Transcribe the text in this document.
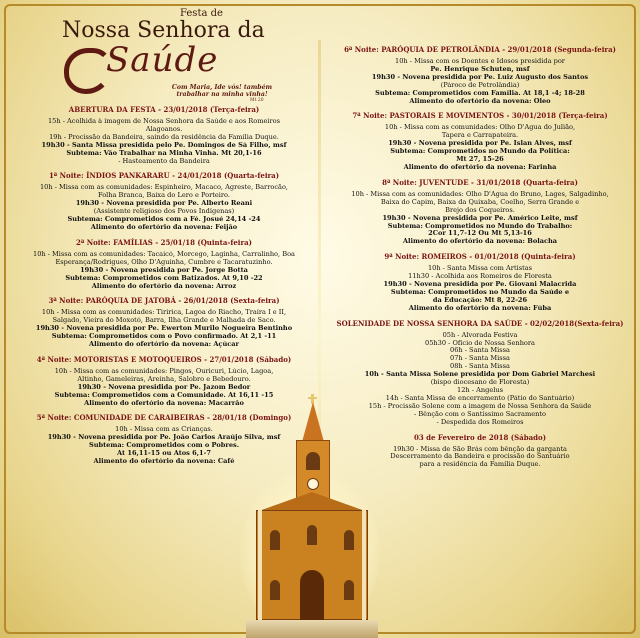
Festa de
Nossa Senhora da
Saúde
Com Maria, Ide vós! também
trabalhar na minha vinha!
Mt 20
ABERTURA DA FESTA - 23/01/2018 (Terça-feira)
15h - Acolhida à imagem de Nossa Senhora da Saúde e aos Romeiros
Alagoanos.
19h - Procissão da Bandeira, saindo da residência da Família Duque.
19h30 - Santa Missa presidida pelo Pe. Domingos de Sá Filho, msf
Subtema: Vão Trabalhar na Minha Vinha. Mt 20,1-16
- Hasteamento da Bandeira
1ª Noite: ÍNDIOS PANKARARU - 24/01/2018 (Quarta-feira)
10h - Missa com as comunidades: Espinheiro, Macaco, Agreste, Barrocão,
Folha Branca, Baixa do Lero e Porteiro.
19h30 - Novena presidida por Pe. Alberto Reani
(Assistente religioso dos Povos Indígenas)
Subtema: Comprometidos com a Fé. Josué 24,14 -24
Alimento do ofertório da novena: Feijão
2ª Noite: FAMÍLIAS - 25/01/18 (Quinta-feira)
10h - Missa com as comunidades: Tacaicó, Morcego, Laginha, Carralinho, Boa
Esperança/Rodrigues, Olho D'Aguinha, Cumbre e Tacaratuzinho.
19h30 - Novena presidida por Pe. Jorge Botta
Subtema: Comprometidos com Batizados. At 9,10 -22
Alimento do ofertório da novena: Arroz
3ª Noite: PARÓQUIA DE JATOBÁ - 26/01/2018 (Sexta-feira)
10h - Missa com as comunidades: Tiririca, Lagoa do Riacho, Traíra I e II,
Salgado, Vieira do Moxotó, Barra, Ilha Grande e Malhada de Saco.
19h30 - Novena presidida por Pe. Ewerton Murilo Nogueira Bentinho
Subtema: Comprometidos com o Povo confirmado. At 2,1 -11
Alimento do ofertório da novena: Açúcar
4ª Noite: MOTORISTAS E MOTOQUEIROS - 27/01/2018 (Sábado)
10h - Missa com as comunidades: Pingos, Ouricuri, Lúcio, Lagoa,
Altinho, Gameleiras, Areinha, Salobro e Bebedouro.
19h30 - Novena presidida por Pe. Jazom Bedor
Subtema: Comprometidos com a Comunidade. At 16,11 -15
Alimento do ofertório da novena: Macarrão
5ª Noite: COMUNIDADE DE CARAIBEIRAS - 28/01/18 (Domingo)
10h - Missa com as Crianças.
19h30 - Novena presidida por Pe. João Carlos Araújo Silva, msf
Subtema: Comprometidos com o Pobres.
At 16,11-15 ou Atos 6,1-7
Alimento do ofertório da novena: Café
6ª Noite: PARÓQUIA DE PETROLÂNDIA - 29/01/2018 (Segunda-feira)
10h - Missa com os Doentes e Idosos presidida por
Pe. Henrique Schuten, msf
19h30 - Novena presidida por Pe. Luiz Augusto dos Santos
(Pároco de Petrolândia)
Subtema: Comprometidos com Família. At 18,1 -4; 18-28
Alimento do ofertório da novena: Óleo
7ª Noite: PASTORAIS E MOVIMENTOS - 30/01/2018 (Terça-feira)
10h - Missa com as comunidades: Olho D'Água do Julião,
Tapera e Carrapateira.
19h30 - Novena presidida por Pe. Islan Alves, msf
Subtema: Comprometidos no Mundo da Política:
Mt 27, 15-26
Alimento do ofertório da novena: Farinha
8ª Noite: JUVENTUDE - 31/01/2018 (Quarta-feira)
10h - Missa com as comunidades: Olho D'Água do Bruno, Lages, Salgadinho,
Baixa do Capim, Baixa da Quixaba, Coelho, Serra Grande e
Brejo dos Coqueiros.
19h30 - Novena presidida por Pe. Américo Leite, msf
Subtema: Comprometidos no Mundo do Trabalho:
2Cor 11,7-12 Ou Mt 5,13-16
Alimento do ofertório da novena: Bolacha
9ª Noite: ROMEIROS - 01/01/2018 (Quinta-feira)
10h - Santa Missa com Artistas
11h30 - Acolhida aos Romeiros de Floresta
19h30 - Novena presidida por Pe. Giovani Malacrida
Subtema: Comprometidos no Mundo da Saúde e
da Educação: Mt 8, 22-26
Alimento do ofertório da novena: Fúba
SOLENIDADE DE NOSSA SENHORA DA SAÚDE - 02/02/2018(Sexta-feira)
05h - Alvorada Festiva
05h30 - Ofício de Nossa Senhora
06h - Santa Missa
07h - Santa Missa
08h - Santa Missa
10h - Santa Missa Solene presidida por Dom Gabriel Marchesi
(bispo diocesano de Floresta)
12h - Ângelus
14h - Santa Missa de encerramento (Pátio do Santuário)
15h - Procissão Solene com a imagem de Nossa Senhora da Saúde
- Bênção com o Santíssimo Sacramento
- Despedida dos Romeiros
03 de Fevereiro de 2018 (Sábado)
19h30 - Missa de São Brás com bênção da garganta
Descerramento da Bandeira e procissão do Santuário
para a residência da Família Duque.
